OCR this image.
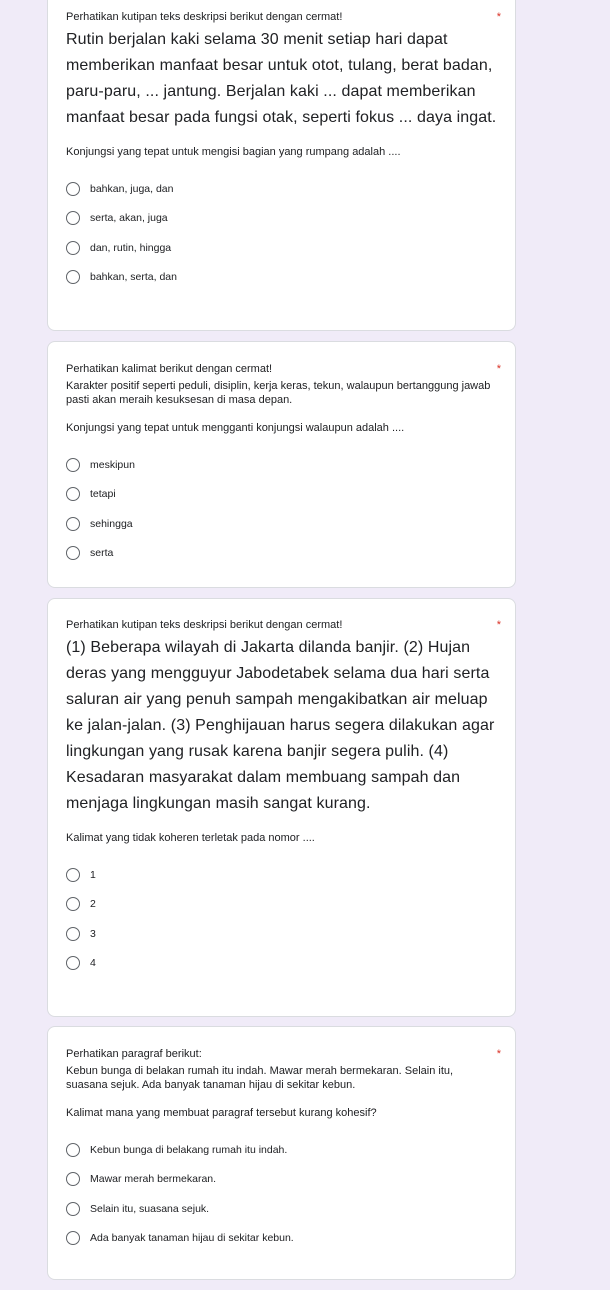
Perhatikan kutipan teks deskripsi berikut dengan cermat!	*
Rutin berjalan kaki selama 30 menit setiap hari dapat memberikan manfaat besar untuk otot, tulang, berat badan, paru-paru, ... jantung. Berjalan kaki ... dapat memberikan manfaat besar pada fungsi otak, seperti fokus ... daya ingat.
Konjungsi yang tepat untuk mengisi bagian yang rumpang adalah ....
bahkan, juga, dan
serta, akan, juga
dan, rutin, hingga
bahkan, serta, dan
Perhatikan kalimat berikut dengan cermat!	*
Karakter positif seperti peduli, disiplin, kerja keras, tekun, walaupun bertanggung jawab pasti akan meraih kesuksesan di masa depan.
Konjungsi yang tepat untuk mengganti konjungsi walaupun adalah ....
meskipun
tetapi
sehingga
serta
Perhatikan kutipan teks deskripsi berikut dengan cermat!	*
(1) Beberapa wilayah di Jakarta dilanda banjir. (2) Hujan deras yang mengguyur Jabodetabek selama dua hari serta saluran air yang penuh sampah mengakibatkan air meluap ke jalan-jalan. (3) Penghijauan harus segera dilakukan agar lingkungan yang rusak karena banjir segera pulih. (4) Kesadaran masyarakat dalam membuang sampah dan menjaga lingkungan masih sangat kurang.
Kalimat yang tidak koheren terletak pada nomor ....
1
2
3
4
Perhatikan paragraf berikut:	*
Kebun bunga di belakan rumah itu indah. Mawar merah bermekaran. Selain itu, suasana sejuk. Ada banyak tanaman hijau di sekitar kebun.
Kalimat mana yang membuat paragraf tersebut kurang kohesif?
Kebun bunga di belakang rumah itu indah.
Mawar merah bermekaran.
Selain itu, suasana sejuk.
Ada banyak tanaman hijau di sekitar kebun.
